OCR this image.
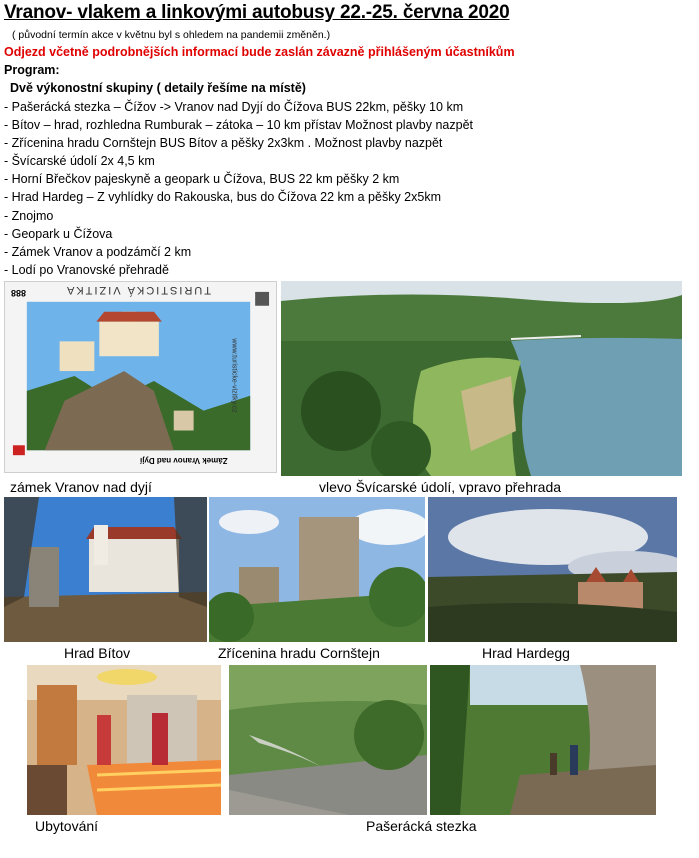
Vranov- vlakem a linkovými autobusy 22.-25. června 2020
( původní termín akce v květnu byl s ohledem na pandemii změněn.)
Odjezd včetně podrobnějších informací bude zaslán závazně přihlášeným účastníkům
Program:
Dvě výkonostní skupiny ( detaily řešíme na místě)
- Pašerácká stezka – Čížov -> Vranov nad Dyjí do Čížova BUS 22km, pěšky 10 km
- Bítov – hrad, rozhledna Rumburak – zátoka – 10 km přístav Možnost plavby nazpět
- Zřícenina hradu Cornštejn BUS Bítov a pěšky 2x3km . Možnost plavby nazpět
- Švícarské údolí 2x 4,5 km
- Horní Břečkov pajeskyně a geopark u Čížova, BUS 22 km pěšky 2 km
- Hrad Hardeg – Z vyhlídky do Rakouska, bus do Čížova 22 km a pěšky 2x5km
- Znojmo
- Geopark u Čížova
- Zámek Vranov a podzámčí 2 km
- Lodí po Vranovské přehradě
TURISTICKÁ VIZITKA
888
Zámek Vranov nad Dyjí
www.turisticke-vizitky.cz
zámek Vranov nad dyjí	vlevo Švícarské údolí, vpravo přehrada
Hrad Bítov	Zřícenina hradu Cornštejn	Hrad Hardegg
Ubytování	Pašerácká stezka
